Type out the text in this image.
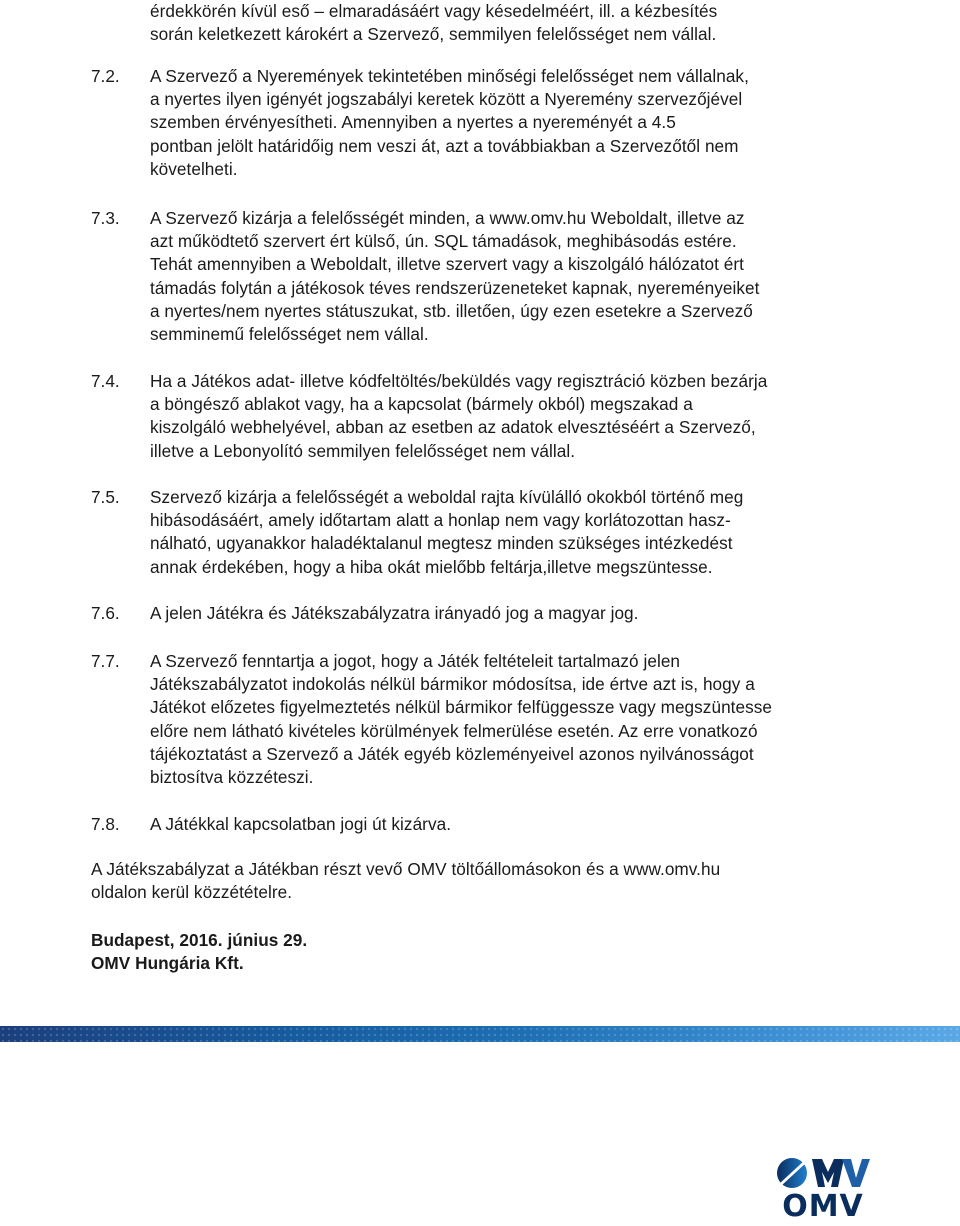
érdekkörén kívül eső – elmaradásáért vagy késedelméért, ill. a kézbesítés
során keletkezett károkért a Szervező, semmilyen felelősséget nem vállal.
7.2. A Szervező a Nyeremények tekintetében minőségi felelősséget nem vállalnak,
a nyertes ilyen igényét jogszabályi keretek között a Nyeremény szervezőjével
szemben érvényesítheti. Amennyiben a nyertes a nyereményét a 4.5
pontban jelölt határidőig nem veszi át, azt a továbbiakban a Szervezőtől nem
követelheti.
7.3. A Szervező kizárja a felelősségét minden, a www.omv.hu Weboldalt, illetve az
azt működtető szervert ért külső, ún. SQL támadások, meghibásodás estére.
Tehát amennyiben a Weboldalt, illetve szervert vagy a kiszolgáló hálózatot ért
támadás folytán a játékosok téves rendszerüzeneteket kapnak, nyereményeiket
a nyertes/nem nyertes státuszukat, stb. illetően, úgy ezen esetekre a Szervező
semminemű felelősséget nem vállal.
7.4. Ha a Játékos adat- illetve kódfeltöltés/beküldés vagy regisztráció közben bezárja
a böngésző ablakot vagy, ha a kapcsolat (bármely okból) megszakad a
kiszolgáló webhelyével, abban az esetben az adatok elvesztéséért a Szervező,
illetve a Lebonyolító semmilyen felelősséget nem vállal.
7.5. Szervező kizárja a felelősségét a weboldal rajta kívülálló okokból történő meg
hibásodásáért, amely időtartam alatt a honlap nem vagy korlátozottan hasz-
nálható, ugyanakkor haladéktalanul megtesz minden szükséges intézkedést
annak érdekében, hogy a hiba okát mielőbb feltárja,illetve megszüntesse.
7.6. A jelen Játékra és Játékszabályzatra irányadó jog a magyar jog.
7.7. A Szervező fenntartja a jogot, hogy a Játék feltételeit tartalmazó jelen
Játékszabályzatot indokolás nélkül bármikor módosítsa, ide értve azt is, hogy a
Játékot előzetes figyelmeztetés nélkül bármikor felfüggessze vagy megszüntesse
előre nem látható kivételes körülmények felmerülése esetén. Az erre vonatkozó
tájékoztatást a Szervező a Játék egyéb közleményeivel azonos nyilvánosságot
biztosítva közzéteszi.
7.8. A Játékkal kapcsolatban jogi út kizárva.
A Játékszabályzat a Játékban részt vevő OMV töltőállomásokon és a www.omv.hu
oldalon kerül közzétételre.
Budapest, 2016. június 29.
OMV Hungária Kft.
OMV
